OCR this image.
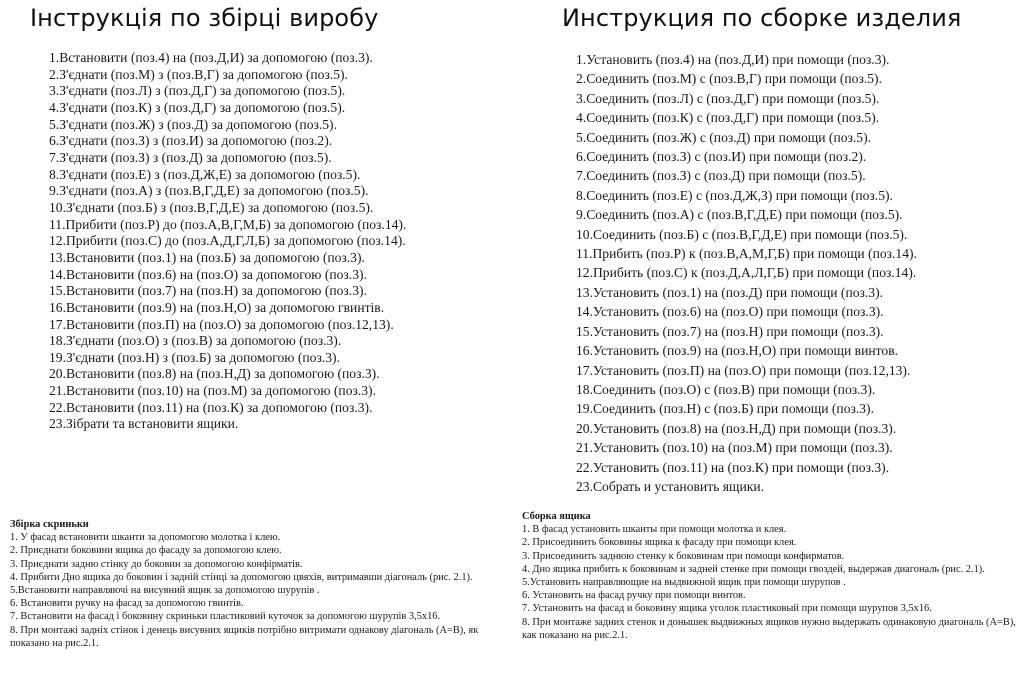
Інструкція по збірці виробу	Инструкция по сборке изделия
1.Встановити (поз.4) на (поз.Д,И) за допомогою (поз.3).
2.З'єднати (поз.М) з (поз.В,Г) за допомогою (поз.5).
3.З'єднати (поз.Л) з (поз.Д,Г) за допомогою (поз.5).
4.З'єднати (поз.К) з (поз.Д,Г) за допомогою (поз.5).
5.З'єднати (поз.Ж) з (поз.Д) за допомогою (поз.5).
6.З'єднати (поз.З) з (поз.И) за допомогою (поз.2).
7.З'єднати (поз.З) з (поз.Д) за допомогою (поз.5).
8.З'єднати (поз.Е) з (поз.Д,Ж,Е) за допомогою (поз.5).
9.З'єднати (поз.А) з (поз.В,Г,Д,Е) за допомогою (поз.5).
10.З'єднати (поз.Б) з (поз.В,Г,Д,Е) за допомогою (поз.5).
11.Прибити (поз.Р) до (поз.А,В,Г,М,Б) за допомогою (поз.14).
12.Прибити (поз.С) до (поз.А,Д,Г,Л,Б) за допомогою (поз.14).
13.Встановити (поз.1) на (поз.Б) за допомогою (поз.3).
14.Встановити (поз.6) на (поз.О) за допомогою (поз.3).
15.Встановити (поз.7) на (поз.Н) за допомогою (поз.3).
16.Встановити (поз.9) на (поз.Н,О) за допомогою гвинтів.
17.Встановити (поз.П) на (поз.О) за допомогою (поз.12,13).
18.З'єднати (поз.О) з (поз.В) за допомогою (поз.3).
19.З'єднати (поз.Н) з (поз.Б) за допомогою (поз.3).
20.Встановити (поз.8) на (поз.Н,Д) за допомогою (поз.3).
21.Встановити (поз.10) на (поз.М) за допомогою (поз.3).
22.Встановити (поз.11) на (поз.К) за допомогою (поз.3).
23.Зібрати та встановити ящики.
1.Установить (поз.4) на (поз.Д,И) при помощи (поз.3).
2.Соединить (поз.М) с (поз.В,Г) при помощи (поз.5).
3.Соединить (поз.Л) с (поз.Д,Г) при помощи (поз.5).
4.Соединить (поз.К) с (поз.Д,Г) при помощи (поз.5).
5.Соединить (поз.Ж) с (поз.Д) при помощи (поз.5).
6.Соединить (поз.З) с (поз.И) при помощи (поз.2).
7.Соединить (поз.З) с (поз.Д) при помощи (поз.5).
8.Соединить (поз.Е) с (поз.Д,Ж,З) при помощи (поз.5).
9.Соединить (поз.А) с (поз.В,Г,Д,Е) при помощи (поз.5).
10.Соединить (поз.Б) с (поз.В,Г,Д,Е) при помощи (поз.5).
11.Прибить (поз.Р) к (поз.В,А,М,Г,Б) при помощи (поз.14).
12.Прибить (поз.С) к (поз.Д,А,Л,Г,Б) при помощи (поз.14).
13.Установить (поз.1) на (поз.Д) при помощи (поз.3).
14.Установить (поз.6) на (поз.О) при помощи (поз.3).
15.Установить (поз.7) на (поз.Н) при помощи (поз.3).
16.Установить (поз.9) на (поз.Н,О) при помощи винтов.
17.Установить (поз.П) на (поз.О) при помощи (поз.12,13).
18.Соединить (поз.О) с (поз.В) при помощи (поз.3).
19.Соединить (поз.Н) с (поз.Б) при помощи (поз.3).
20.Установить (поз.8) на (поз.Н,Д) при помощи (поз.3).
21.Установить (поз.10) на (поз.М) при помощи (поз.3).
22.Установить (поз.11) на (поз.К) при помощи (поз.3).
23.Собрать и установить ящики.
Збірка скриньки
1. У фасад встановити шканти за допомогою молотка і клею.
2. Приєднати боковини ящика до фасаду за допомогою клею.
3. Приєднати задню стінку до боковин за допомогою конфірматів.
4. Прибити Дно ящика до боковин і задній стінці за допомогою цвяхів, витримавши діагональ (рис. 2.1).
5.Встановити направляючі на висувний ящик за допомогою шурупів .
6. Встановити ручку на фасад за допомогою гвинтів.
7. Встановити на фасад і боковину скриньки пластиковий куточок за допомогою шурупів 3,5х16.
8. При монтажі задніх стінок і денець висувних ящиків потрібно витримати однакову діагональ (А=В), як показано на рис.2.1.
Сборка ящика
1. В фасад установить шканты при помощи молотка и клея.
2. Присоединить боковины ящика к фасаду при помощи клея.
3. Присоединить заднюю стенку к боковинам при помощи конфирматов.
4. Дно ящика прибить к боковинам и задней стенке при помощи гвоздей, выдержав диагональ (рис. 2.1).
5.Установить направляющие на выдвижной ящик при помощи шурупов .
6. Установить на фасад ручку при помощи винтов.
7. Установить на фасад и боковину ящика уголок пластиковый при помощи шурупов 3,5х16.
8. При монтаже задних стенок и донышек выдвижных ящиков нужно выдержать одинаковую диагональ (А=В), как показано на рис.2.1.
